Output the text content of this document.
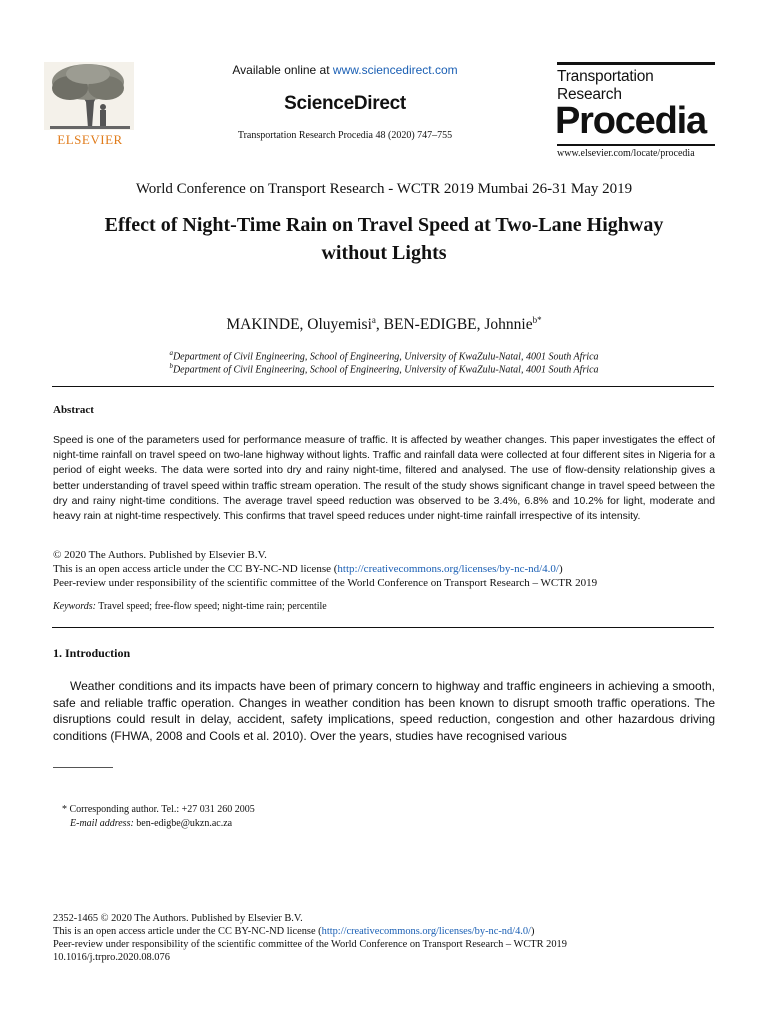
ELSEVIER
Available online at www.sciencedirect.com
ScienceDirect
Transportation Research Procedia 48 (2020) 747–755
Transportation
Research
Procedia
www.elsevier.com/locate/procedia
World Conference on Transport Research - WCTR 2019 Mumbai 26-31 May 2019
Effect of Night-Time Rain on Travel Speed at Two-Lane Highway without Lights
MAKINDE, Oluyemisi$^a$, BEN-EDIGBE, Johnnie$^{b*}$
$^a$Department of Civil Engineering, School of Engineering, University of KwaZulu-Natal, 4001 South Africa
$^b$Department of Civil Engineering, School of Engineering, University of KwaZulu-Natal, 4001 South Africa
Abstract
Speed is one of the parameters used for performance measure of traffic. It is affected by weather changes. This paper investigates the effect of night-time rainfall on travel speed on two-lane highway without lights. Traffic and rainfall data were collected at four different sites in Nigeria for a period of eight weeks. The data were sorted into dry and rainy night-time, filtered and analysed. The use of flow-density relationship gives a better understanding of travel speed within traffic stream operation. The result of the study shows significant change in travel speed between the dry and rainy night-time conditions. The average travel speed reduction was observed to be 3.4%, 6.8% and 10.2% for light, moderate and heavy rain at night-time respectively. This confirms that travel speed reduces under night-time rainfall irrespective of its intensity.
© 2020 The Authors. Published by Elsevier B.V.
This is an open access article under the CC BY-NC-ND license (http://creativecommons.org/licenses/by-nc-nd/4.0/)
Peer-review under responsibility of the scientific committee of the World Conference on Transport Research – WCTR 2019
Keywords: Travel speed; free-flow speed; night-time rain; percentile
1. Introduction
Weather conditions and its impacts have been of primary concern to highway and traffic engineers in achieving a smooth, safe and reliable traffic operation. Changes in weather condition has been known to disrupt smooth traffic operations. The disruptions could result in delay, accident, safety implications, speed reduction, congestion and other hazardous driving conditions (FHWA, 2008 and Cools et al. 2010). Over the years, studies have recognised various
* Corresponding author. Tel.: +27 031 260 2005
E-mail address: ben-edigbe@ukzn.ac.za
2352-1465 © 2020 The Authors. Published by Elsevier B.V.
This is an open access article under the CC BY-NC-ND license (http://creativecommons.org/licenses/by-nc-nd/4.0/)
Peer-review under responsibility of the scientific committee of the World Conference on Transport Research – WCTR 2019
10.1016/j.trpro.2020.08.076
